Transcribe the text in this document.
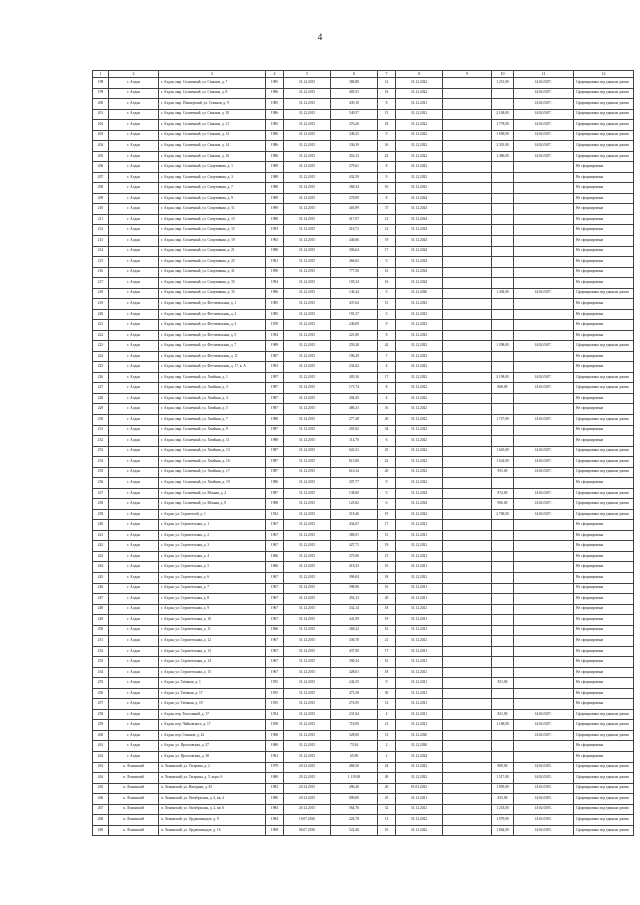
4
1	2	3	4	5	6	7	8	9	10	11	12
198	г. Алдан	г. Алдан, мкр. Солнечный, ул. Сеньков, д. 7	1985	31.12.2015	386,88	12	31.12.2022		1 251,00	14:02:0107..	Сформирована под единым домом
199	г. Алдан	г. Алдан, мкр. Солнечный, ул. Сеньков, д. 8	1986	31.12.2015	405,51	16	31.12.2022			14:02:0107..	Сформирована под единым домом
200	г. Алдан	г. Алдан, мкр. Пионерский, ул. Сеньков, д. 9	1985	31.12.2015	439,10	8	31.12.2021			14:02:0107..	Сформирована под единым домом
201	г. Алдан	г. Алдан, мкр. Солнечный, ул. Сеньков, д. 10	1986	31.12.2015	549,57	15	31.12.2021		2 148,00	14:02:0107..	Сформирована под единым домом
202	г. Алдан	г. Алдан, мкр. Солнечный, ул. Сеньков, д. 11	1985	31.12.2015	376,26	18	31.12.2022		1 778,00	14:02:0107..	Сформирована под единым домом
203	г. Алдан	г. Алдан, мкр. Солнечный, ул. Сеньков, д. 12	1986	31.12.2015	348,25	9	31.12.2022		1 658,00	14:02:0107..	Сформирована под единым домом
204	г. Алдан	г. Алдан, мкр. Солнечный, ул. Сеньков, д. 14	1986	31.12.2015	336,39	16	31.12.2022		2 391,00	14:02:0107..	Сформирована под единым домом
205	г. Алдан	г. Алдан, мкр. Солнечный, ул. Сеньков, д. 16	1986	31.12.2015	452,33	22	31.12.2022		1 486,00	14:02:0107..	Сформирована под единым домом
206	г. Алдан	г. Алдан, мкр. Солнечный, ул. Спортивная, д. 1	1989	31.12.2015	279,61	8	31.12.2023				Не сформирована
207	г. Алдан	г. Алдан, мкр. Солнечный, ул. Спортивная, д. 3	1988	31.12.2015	432,59	9	31.12.2023				Не сформирована
208	г. Алдан	г. Алдан, мкр. Солнечный, ул. Спортивная, д. 7	1988	31.12.2015	368,34	10	31.12.2023				Не сформирована
209	г. Алдан	г. Алдан, мкр. Солнечный, ул. Спортивная, д. 9	1989	31.12.2015	270,09	8	31.12.2024				Не сформирована
210	г. Алдан	г. Алдан, мкр. Солнечный, ул. Спортивная, д. 11	1989	31.12.2015	403,99	37	31.12.2024				Не сформирована
211	г. Алдан	г. Алдан, мкр. Солнечный, ул. Спортивная, д. 13	1988	31.12.2015	417,07	21	31.12.2024				Не сформирована
212	г. Алдан	г. Алдан, мкр. Солнечный, ул. Спортивная, д. 15	1993	31.12.2015	416,71	21	31.12.2024				Не сформирована
213	г. Алдан	г. Алдан, мкр. Солнечный, ул. Спортивная, д. 19	1992	31.12.2015	440,66	19	31.12.2024				Не сформирована
214	г. Алдан	г. Алдан, мкр. Солнечный, ул. Спортивная, д. 21	1980	31.12.2015	306,64	17	31.12.2024				Не сформирована
215	г. Алдан	г. Алдан, мкр. Солнечный, ул. Спортивная, д. 25	1961	31.12.2015	466,02	5	31.12.2024				Не сформирована
216	г. Алдан	г. Алдан, мкр. Солнечный, ул. Спортивная, д. 31	1990	31.12.2015	777,56	16	31.12.2024				Не сформирована
217	г. Алдан	г. Алдан, мкр. Солнечный, ул. Спортивная, д. 33	1994	31.12.2015	105,34	16	31.12.2024				Не сформирована
218	г. Алдан	г. Алдан, мкр. Солнечный, ул. Спортивная, д. 35	1986	31.12.2015	146,24	5	31.12.2020		1 494,00	14:02:0107..	Сформирована под единым домом
219	г. Алдан	г. Алдан, мкр. Солнечный, ул. Фестивальная, д. 1	1985	31.12.2015	437,64	15	31.12.2023				Не сформирована
220	г. Алдан	г. Алдан, мкр. Солнечный, ул. Фестивальная, д. 2	1985	31.12.2015	191,37	3	31.12.2023				Не сформирована
221	г. Алдан	г. Алдан, мкр. Солнечный, ул. Фестивальная, д. 3	1959	31.12.2015	246,09	9	31.12.2023				Не сформирована
222	г. Алдан	г. Алдан, мкр. Солнечный, ул. Фестивальная, д. 5	1994	31.12.2015	221,80	8	31.12.2023				Не сформирована
223	г. Алдан	г. Алдан, мкр. Солнечный, ул. Фестивальная, д. 7	1989	31.12.2015	259,28	42	31.12.2023		1 298,00	14:02:0107..	Сформирована под единым домом
224	г. Алдан	г. Алдан, мкр. Солнечный, ул. Фестивальная, д. 11	1987	31.12.2015	196,29	7	31.12.2023				Не сформирована
225	г. Алдан	г. Алдан, мкр. Солнечный, ул. Фестивальная, д. 17, к. А	1993	31.12.2015	234,62	4	31.12.2023				Не сформирована
226	г. Алдан	г. Алдан, мкр. Солнечный, ул. Хвойная, д. 1	1997	31.12.2015	403,36	17	31.12.2022		2 198,00	14:02:0107..	Сформирована под единым домом
227	г. Алдан	г. Алдан, мкр. Солнечный, ул. Хвойная, д. 3	1987	31.12.2015	173,74	8	31.12.2022		868,00	14:02:0107..	Сформирована под единым домом
228	г. Алдан	г. Алдан, мкр. Солнечный, ул. Хвойная, д. 4	1987	31.12.2015	204,45	4	31.12.2022				Не сформирована
229	г. Алдан	г. Алдан, мкр. Солнечный, ул. Хвойная, д. 5	1987	31.12.2015	486,31	16	31.12.2022				Не сформирована
230	г. Алдан	г. Алдан, мкр. Солнечный, ул. Хвойная, д. 7	1988	31.12.2015	277,48	20	31.12.2022		1 727,00	14:02:0107..	Сформирована под единым домом
231	г. Алдан	г. Алдан, мкр. Солнечный, ул. Хвойная, д. 9	1987	31.12.2015	495,82	34	31.12.2022				Не сформирована
232	г. Алдан	г. Алдан, мкр. Солнечный, ул. Хвойная, д. 11	1988	31.12.2015	114,70	6	31.12.2022				Не сформирована
233	г. Алдан	г. Алдан, мкр. Солнечный, ул. Хвойная, д. 13	1987	31.12.2015	622,31	25	31.12.2022		1 643,00	14:02:0107..	Сформирована под единым домом
234	г. Алдан	г. Алдан, мкр. Солнечный, ул. Хвойная, д. 16	1987	31.12.2015	615,06	22	31.12.2022		1 632,00	14:02:0107..	Сформирована под единым домом
235	г. Алдан	г. Алдан, мкр. Солнечный, ул. Хвойная, д. 17	1987	31.12.2015	616,34	20	31.12.2022		955,00	14:02:0107..	Сформирована под единым домом
236	г. Алдан	г. Алдан, мкр. Солнечный, ул. Хвойная, д. 19	1986	31.12.2015	207,77	9	31.12.2022				Не сформирована
237	г. Алдан	г. Алдан, мкр. Солнечный, ул. Южная, д. 2	1987	31.12.2015	138,00	5	31.12.2024		874,00	14:02:0107..	Сформирована под единым домом
238	г. Алдан	г. Алдан, мкр. Солнечный, ул. Южная, д. 8	1988	31.12.2015	123,82	6	31.12.2024		906,00	14:02:0107..	Сформирована под единым домом
239	г. Алдан	г. Алдан, ул. Строителей, д. 1	1932	31.12.2015	518,46	19	31.12.2022		2 768,00	14:02:0107..	Сформирована под единым домом
240	г. Алдан	г. Алдан, ул. Строительная, д. 1	1967	31.12.2015	434,67	17	31.12.2021				Не сформирована
241	г. Алдан	г. Алдан, ул. Строительная, д. 2	1967	31.12.2015	386,91	15	31.12.2021				Не сформирована
242	г. Алдан	г. Алдан, ул. Строительная, д. 3	1967	31.12.2015	427,71	19	31.12.2021				Не сформирована
243	г. Алдан	г. Алдан, ул. Строительная, д. 4	1966	31.12.2015	375,06	15	31.12.2021				Не сформирована
244	г. Алдан	г. Алдан, ул. Строительная, д. 5	1966	31.12.2015	418,33	16	31.12.2021				Не сформирована
245	г. Алдан	г. Алдан, ул. Строительная, д. 6	1967	31.12.2015	396,04	18	31.12.2021				Не сформирована
246	г. Алдан	г. Алдан, ул. Строительная, д. 7	1967	31.12.2015	398,96	16	31.12.2021				Не сформирована
247	г. Алдан	г. Алдан, ул. Строительная, д. 8	1967	31.12.2015	454,13	20	31.12.2021				Не сформирована
248	г. Алдан	г. Алдан, ул. Строительная, д. 9	1967	31.12.2015	432,14	18	31.12.2021				Не сформирована
249	г. Алдан	г. Алдан, ул. Строительная, д. 10	1967	31.12.2015	441,99	19	31.12.2021				Не сформирована
250	г. Алдан	г. Алдан, ул. Строительная, д. 11	1966	31.12.2015	368,22	16	31.12.2021				Не сформирована
251	г. Алдан	г. Алдан, ул. Строительная, д. 12	1967	31.12.2015	436,70	21	31.12.2021				Не сформирована
252	г. Алдан	г. Алдан, ул. Строительная, д. 13	1967	31.12.2015	437,90	17	31.12.2021				Не сформирована
253	г. Алдан	г. Алдан, ул. Строительная, д. 14	1967	31.12.2015	390,34	16	31.12.2021				Не сформирована
254	г. Алдан	г. Алдан, ул. Строительная, д. 15	1967	31.12.2015	428,61	18	31.12.2021				Не сформирована
255	г. Алдан	г. Алдан, ул. Таёжная, д. 1	1955	31.12.2015	244,55	9	31.12.2021		811,00		Не сформирована
256	г. Алдан	г. Алдан, ул. Таёжная, д. 17	1955	31.12.2015	473,38	30	31.12.2021				Не сформирована
257	г. Алдан	г. Алдан, ул. Таёжная, д. 19	1955	31.12.2015	274,95	14	31.12.2021				Не сформирована
258	г. Алдан	г. Алдан, пер. Тополиный, д. 17	1954	31.12.2015	231,64	4	31.12.2021		821,00	14:02:0107..	Сформирована под единым домом
259	г. Алдан	г. Алдан, пер. Чайковского, д. 17	1958	31.12.2015	718,00	21	31.12.2021		1 168,00	14:02:0107..	Сформирована под единым домом
260	г. Алдан	г. Алдан, пер. Сеньков, д. 22	1968	31.12.2015	328,00	13	31.12.2020			14:02:0107..	Сформирована под единым домом
261	г. Алдан	г. Алдан, ул. Ярославская, д. 37	1980	31.12.2015	73,94	2	31.12.2020				Не сформирована
262	г. Алдан	г. Алдан, ул. Ярославская, д. 38	1961	31.12.2015	65,98	2	31.12.2024				Не сформирована
263	п. Ленинский	п. Ленинский, ул. Гагарина, д. 2	1979	20.12.2015	468,30	24	31.12.2023		808,00	14:02:0105..	Сформирована под единым домом
264	п. Ленинский	п. Ленинский, ул. Гагарина, д. 5, корп. б	1980	20.12.2015	1 119,00	49	31.12.2022		1 517,00	14:02:0105..	Сформирована под единым домом
265	п. Ленинский	п. Ленинский, ул. Нагорная, д. 45	1982	20.12.2015	496,40	20	01.03.2023		1 095,00	14:02:0105..	Сформирована под единым домом
266	п. Ленинский	п. Ленинский, ул. Октябрьская, д. 2, кв. 4	1980	20.12.2015	909,00	25	31.12.2021		455,00	14:02:0105..	Сформирована под единым домом
267	п. Ленинский	п. Ленинский, ул. Октябрьская, д. 2, кв. 6	1984	20.12.2015	564,76	32	31.12.2021		1 253,00	14:02:0105..	Сформирована под единым домом
268	п. Ленинский	п. Ленинский, ул. Орджоникидзе, д. 9	1984	19.07.2016	224,70	13	31.12.2022		1 079,00	14:02:0105..	Сформирована под единым домом
269	п. Ленинский	п. Ленинский, ул. Орджоникидзе, д. 16	1908	06.07.2016	522,40	16	31.12.2022		1 844,00	14:02:0105..	Сформирована под единым домом
